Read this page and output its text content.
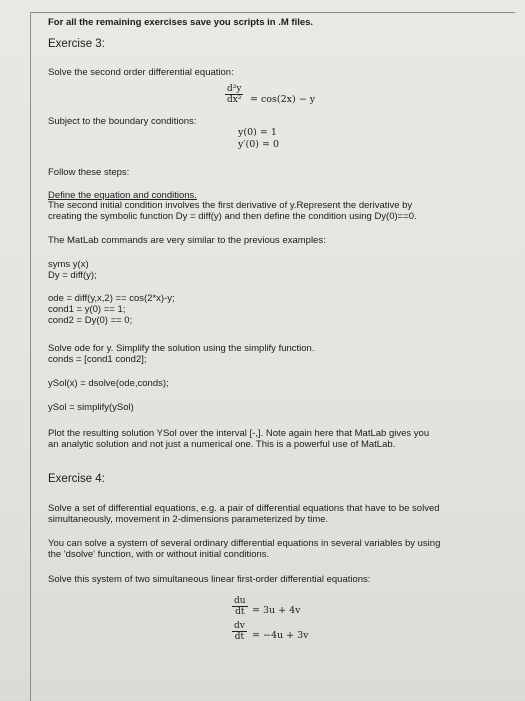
For all the remaining exercises save you scripts in .M files.
Exercise 3:
Solve the second order differential equation:
$\frac{\text{d²y}}{\text{dx²}} = \cos(2x) - y$
Subject to the boundary conditions:
y(0) = 1
y′(0) = 0
Follow these steps:
Define the equation and conditions.
The second initial condition involves the first derivative of y.Represent the derivative by
creating the symbolic function Dy = diff(y) and then define the condition using Dy(0)==0.
The MatLab commands are very similar to the previous examples:
syms y(x)
Dy = diff(y);
ode = diff(y,x,2) == cos(2*x)-y;
cond1 = y(0) == 1;
cond2 = Dy(0) == 0;
Solve ode for y. Simplify the solution using the simplify function.
conds = [cond1 cond2];
ySol(x) = dsolve(ode,conds);
ySol = simplify(ySol)
Plot the resulting solution YSol over the interval [-,]. Note again here that MatLab gives you
an analytic solution and not just a numerical one. This is a powerful use of MatLab.
Exercise 4:
Solve a set of differential equations, e.g. a pair of differential equations that have to be solved
simultaneously, movement in 2-dimensions parameterized by time.
You can solve a system of several ordinary differential equations in several variables by using
the 'dsolve' function, with or without initial conditions.
Solve this system of two simultaneous linear first-order differential equations:
$\frac{du}{dt} = 3u + 4v$
$\frac{dv}{dt} = -4u + 3v$
